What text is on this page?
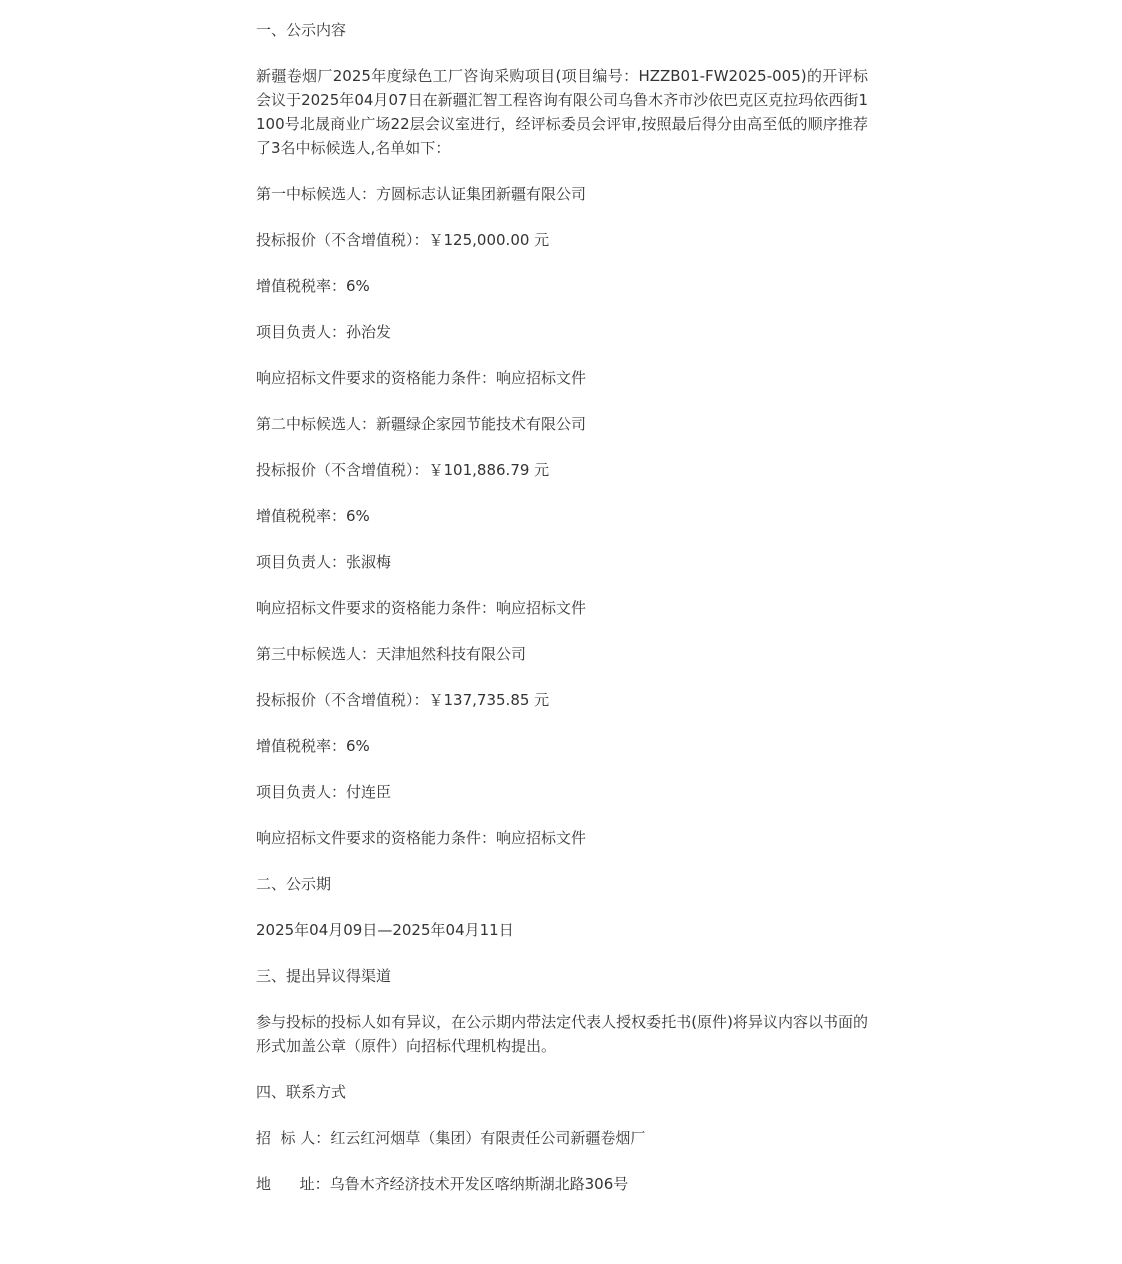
一、公示内容

新疆卷烟厂2025年度绿色工厂咨询采购项目(项目编号：HZZB01-FW2025-005)的开评标会议于2025年04月07日在新疆汇智工程咨询有限公司乌鲁木齐市沙依巴克区克拉玛依西街1100号北晟商业广场22层会议室进行，经评标委员会评审,按照最后得分由高至低的顺序推荐了3名中标候选人,名单如下：

第一中标候选人：方圆标志认证集团新疆有限公司

投标报价（不含增值税）：￥125,000.00 元

增值税税率：6%

项目负责人：孙治发

响应招标文件要求的资格能力条件：响应招标文件

第二中标候选人：新疆绿企家园节能技术有限公司

投标报价（不含增值税）：￥101,886.79 元

增值税税率：6%

项目负责人：张淑梅

响应招标文件要求的资格能力条件：响应招标文件

第三中标候选人：天津旭然科技有限公司

投标报价（不含增值税）：￥137,735.85 元

增值税税率：6%

项目负责人：付连臣

响应招标文件要求的资格能力条件：响应招标文件

二、公示期

2025年04月09日—2025年04月11日

三、提出异议得渠道

参与投标的投标人如有异议，在公示期内带法定代表人授权委托书(原件)将异议内容以书面的形式加盖公章（原件）向招标代理机构提出。

四、联系方式

招  标 人：红云红河烟草（集团）有限责任公司新疆卷烟厂

地      址：乌鲁木齐经济技术开发区喀纳斯湖北路306号
